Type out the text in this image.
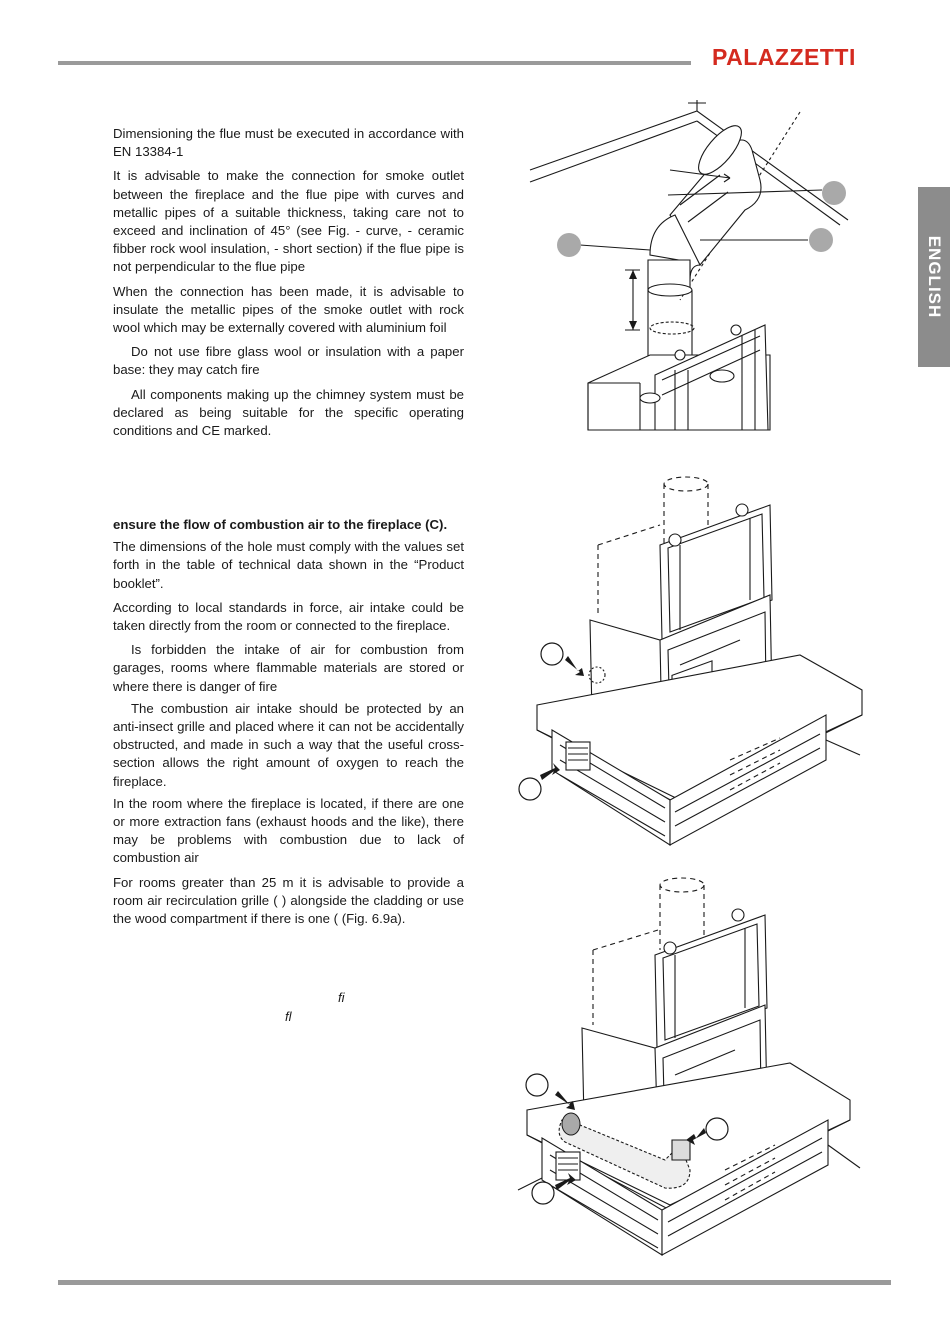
PALAZZETTI
ENGLISH

Dimensioning the flue must be executed in accordance with EN 13384-1

It is advisable to make the connection for smoke outlet between the fireplace and the flue pipe with curves and metallic pipes of a suitable thickness, taking care not to exceed and inclination of 45° (see Fig. - curve, - ceramic fibber rock wool insulation, - short section) if the flue pipe is not perpendicular to the flue pipe

When the connection has been made, it is advisable to insulate the metallic pipes of the smoke outlet with rock wool which may be externally covered with aluminium foil

Do not use fibre glass wool or insulation with a paper base: they may catch fire

All components making up the chimney system must be declared as being suitable for the specific operating conditions and CE marked.

ensure the flow of combustion air to the fireplace (C).

The dimensions of the hole must comply with the values set forth in the table of technical data shown in the “Product booklet”.

According to local standards in force, air intake could be taken directly from the room or connected to the fireplace.

Is forbidden the intake of air for combustion from garages, rooms where flammable materials are stored or where there is danger of fire

The combustion air intake should be protected by an anti-insect grille and placed where it can not be accidentally obstructed, and made in such a way that the useful cross-section allows the right amount of oxygen to reach the fireplace.

In the room where the fireplace is located, if there are one or more extraction fans (exhaust hoods and the like), there may be problems with combustion due to lack of combustion air

For rooms greater than 25 m it is advisable to provide a room air recirculation grille ( ) alongside the cladding or use the wood compartment if there is one ( (Fig. 6.9a).

fi
fl
